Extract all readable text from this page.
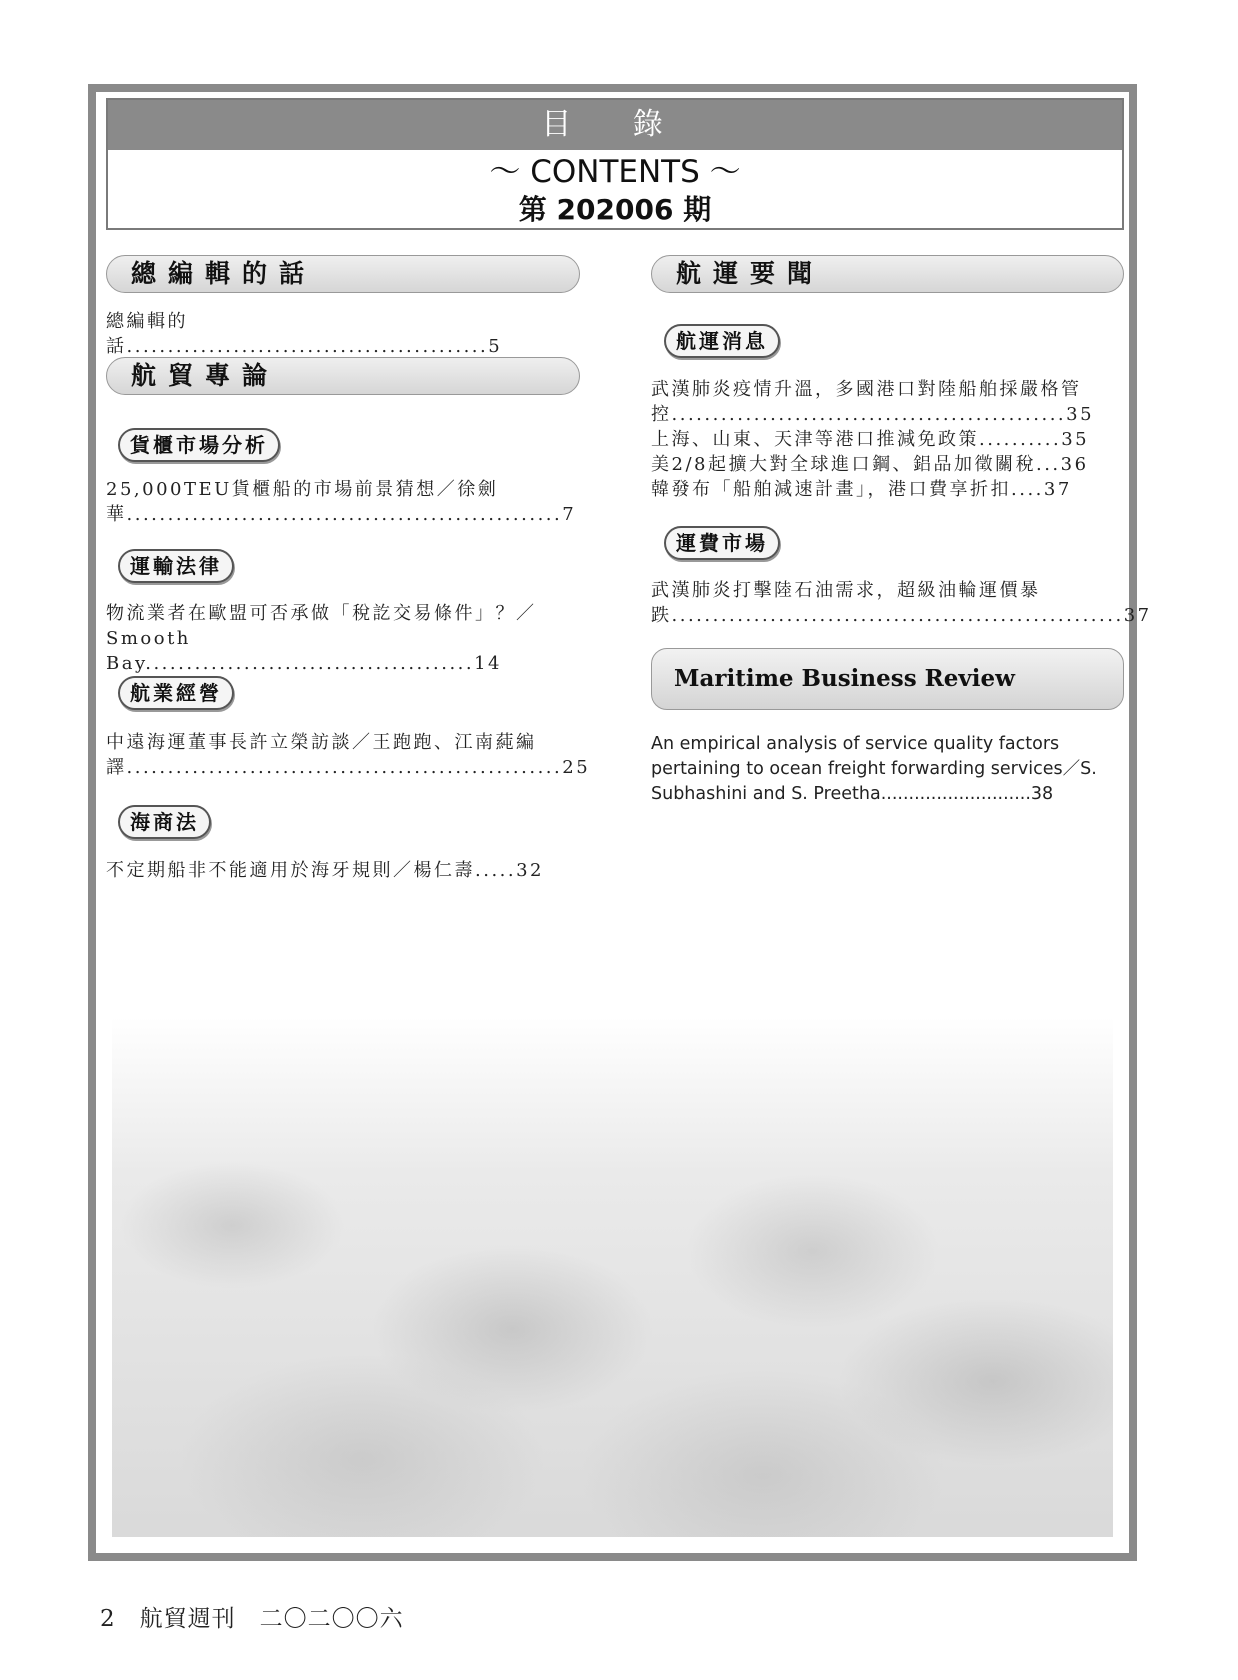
目 錄
～ CONTENTS ～
第 202006 期
總編輯的話
總編輯的話............................................5
航貿專論
貨櫃市場分析
25,000TEU貨櫃船的市場前景猜想／徐劍華.....................................................7
運輸法律
物流業者在歐盟可否承做「稅訖交易條件」？／Smooth Bay........................................14
航業經營
中遠海運董事長許立榮訪談／王跑跑、江南蒓編譯.....................................................25
海商法
不定期船非不能適用於海牙規則／楊仁壽.....32
航運要聞
航運消息
武漢肺炎疫情升溫，多國港口對陸船舶採嚴格管控................................................35
上海、山東、天津等港口推減免政策..........35
美2/8起擴大對全球進口鋼、鋁品加徵關稅...36
韓發布「船舶減速計畫」，港口費享折扣....37
運費市場
武漢肺炎打擊陸石油需求，超級油輪運價暴跌.......................................................37
Maritime Business Review
An empirical analysis of service quality factors pertaining to ocean freight forwarding services／S. Subhashini and S. Preetha...........................38
2　航貿週刊　二〇二〇〇六
